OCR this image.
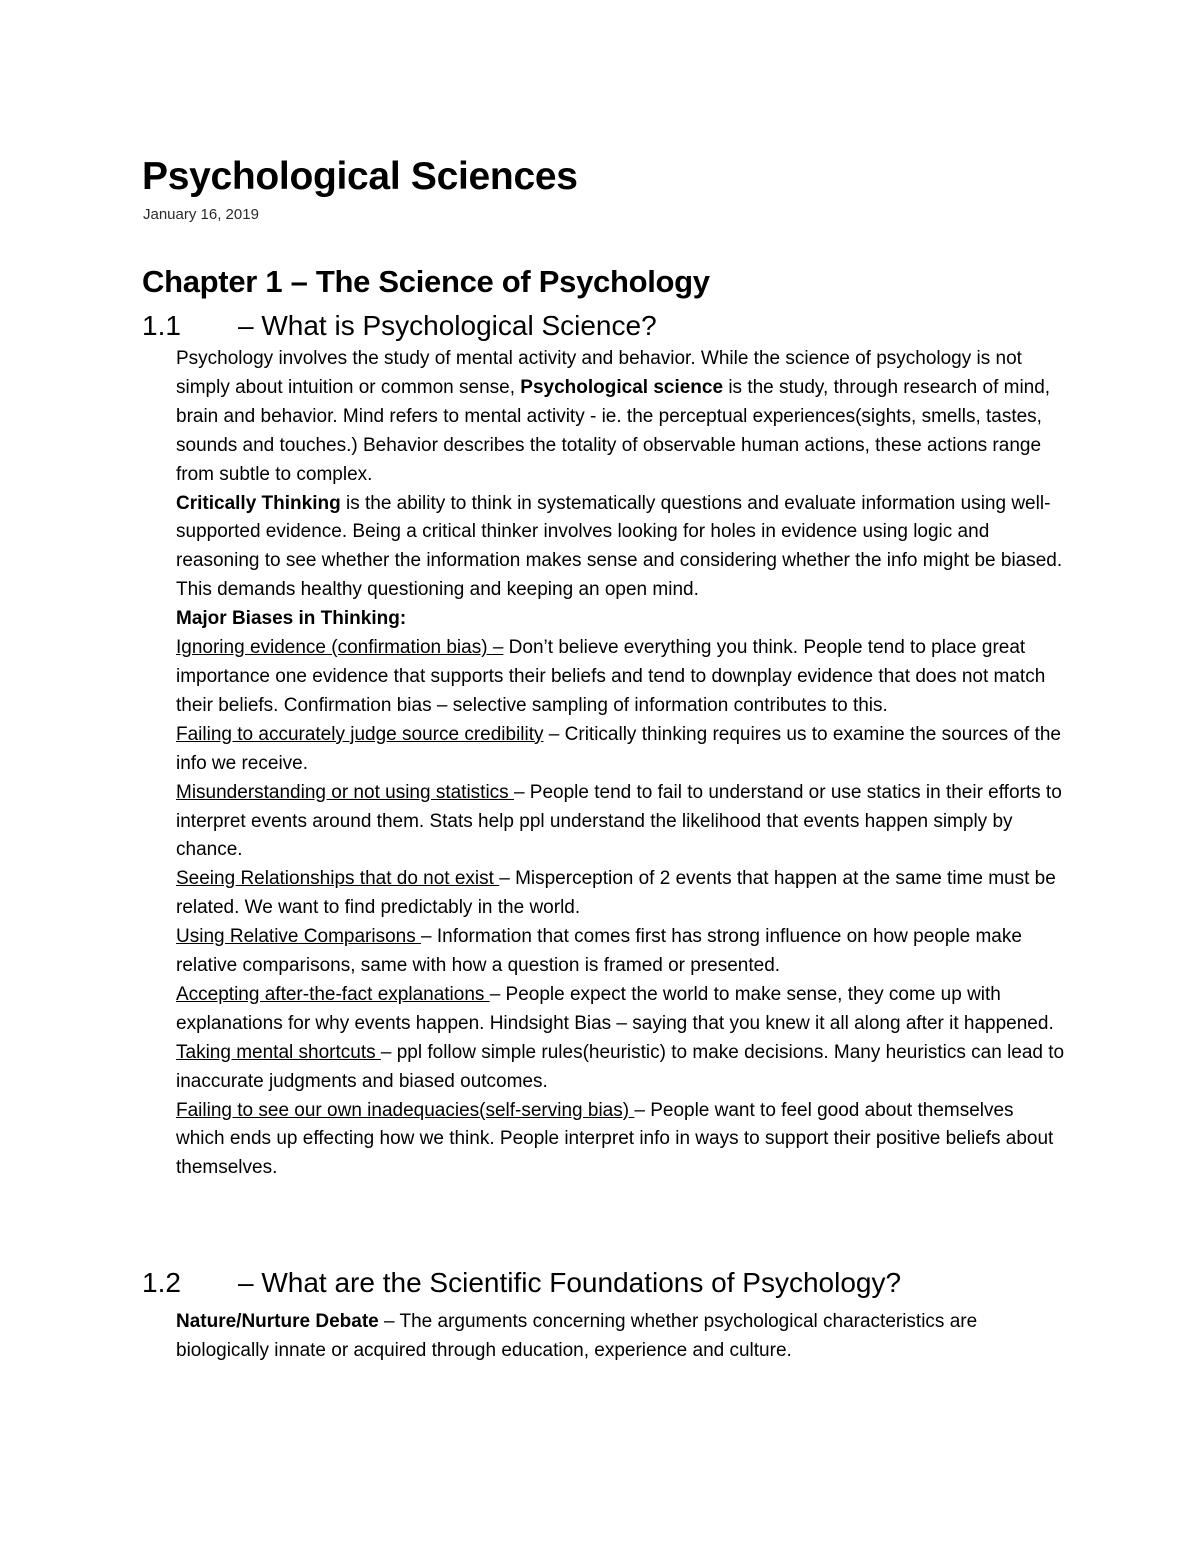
Psychological Sciences
January 16, 2019
Chapter 1 – The Science of Psychology
1.1 – What is Psychological Science?

Psychology involves the study of mental activity and behavior. While the science of psychology is not simply about intuition or common sense, Psychological science is the study, through research of mind, brain and behavior. Mind refers to mental activity - ie. the perceptual experiences(sights, smells, tastes, sounds and touches.) Behavior describes the totality of observable human actions, these actions range from subtle to complex.

Critically Thinking is the ability to think in systematically questions and evaluate information using well-supported evidence. Being a critical thinker involves looking for holes in evidence using logic and reasoning to see whether the information makes sense and considering whether the info might be biased. This demands healthy questioning and keeping an open mind.

Major Biases in Thinking:

Ignoring evidence (confirmation bias) – Don’t believe everything you think. People tend to place great importance one evidence that supports their beliefs and tend to downplay evidence that does not match their beliefs. Confirmation bias – selective sampling of information contributes to this.

Failing to accurately judge source credibility – Critically thinking requires us to examine the sources of the info we receive.

Misunderstanding or not using statistics – People tend to fail to understand or use statics in their efforts to interpret events around them. Stats help ppl understand the likelihood that events happen simply by chance.

Seeing Relationships that do not exist – Misperception of 2 events that happen at the same time must be related. We want to find predictably in the world.

Using Relative Comparisons – Information that comes first has strong influence on how people make relative comparisons, same with how a question is framed or presented.

Accepting after-the-fact explanations – People expect the world to make sense, they come up with explanations for why events happen. Hindsight Bias – saying that you knew it all along after it happened.

Taking mental shortcuts – ppl follow simple rules(heuristic) to make decisions. Many heuristics can lead to inaccurate judgments and biased outcomes.

Failing to see our own inadequacies(self-serving bias) – People want to feel good about themselves which ends up effecting how we think. People interpret info in ways to support their positive beliefs about themselves.

1.2 – What are the Scientific Foundations of Psychology?

Nature/Nurture Debate – The arguments concerning whether psychological characteristics are biologically innate or acquired through education, experience and culture.
